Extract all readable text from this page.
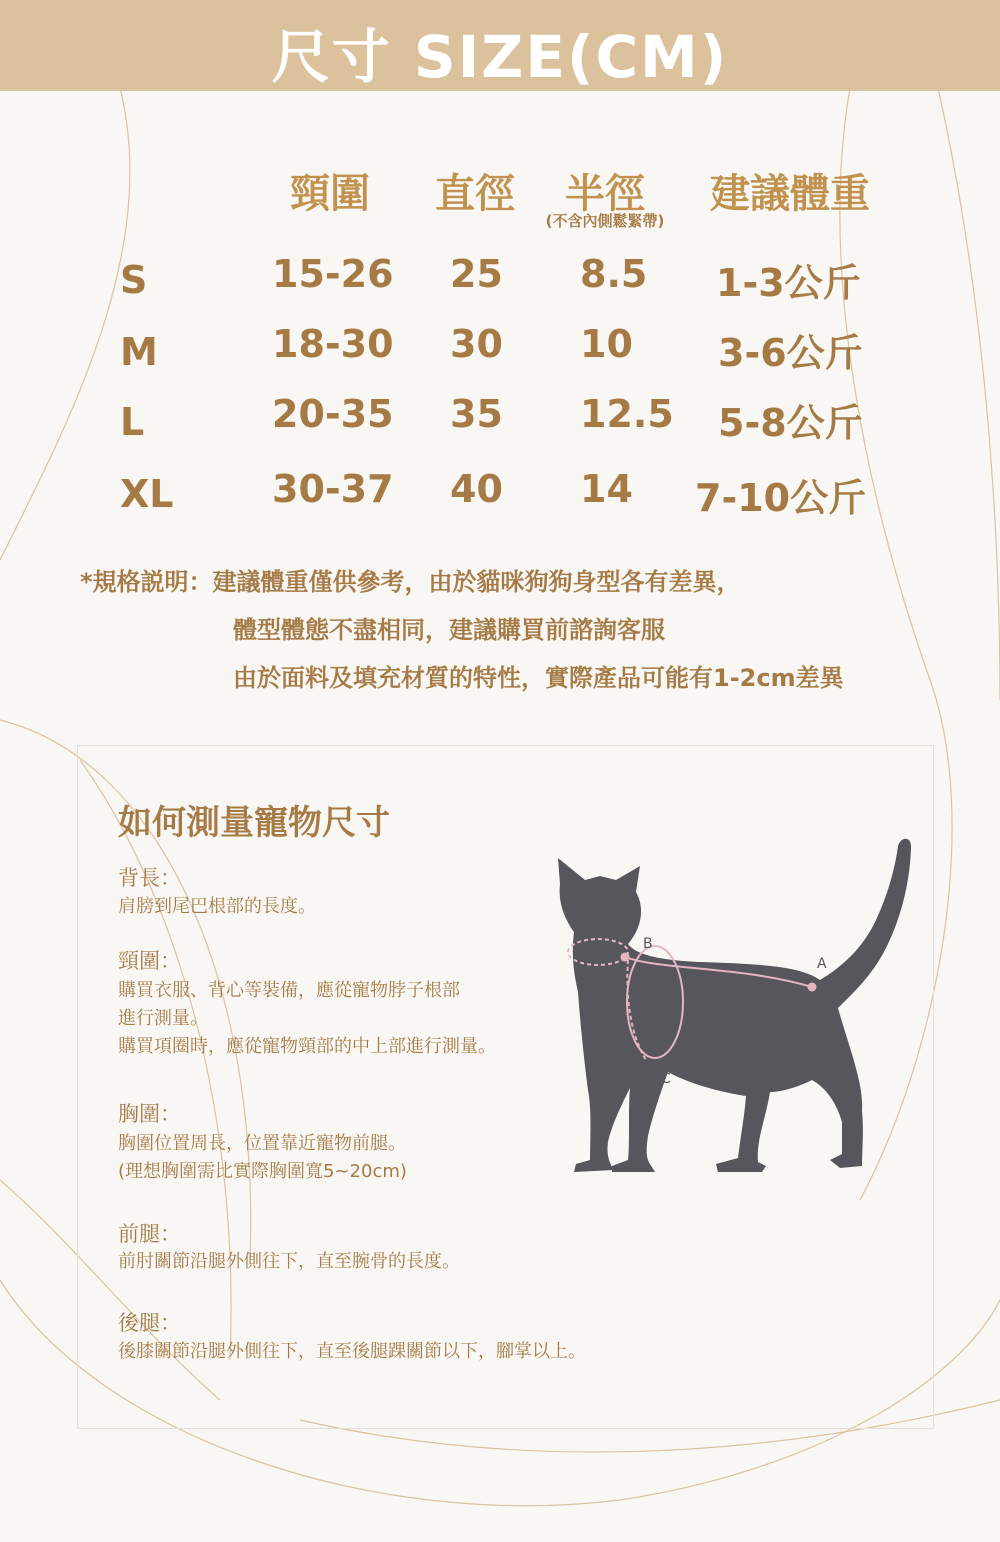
尺寸 SIZE(CM)
頸圍	直徑	半徑	建議體重
(不含內側鬆緊帶)
S	15-26 25 8.5 1-3公斤
M	18-30 30 10 3-6公斤
L	20-35 35 12.5 5-8公斤
XL	30-37 40 14 7-10公斤
*規格説明：建議體重僅供參考，由於貓咪狗狗身型各有差異，
體型體態不盡相同，建議購買前諮詢客服
由於面料及填充材質的特性，實際產品可能有1-2cm差異
如何測量寵物尺寸
背長：
肩膀到尾巴根部的長度。
頸圍：
購買衣服、背心等裝備，應從寵物脖子根部
進行測量。
購買項圈時，應從寵物頸部的中上部進行測量。
胸圍：
胸圍位置周長，位置靠近寵物前腿。
(理想胸圍需比實際胸圍寬5~20cm)
前腿：
前肘關節沿腿外側往下，直至腕骨的長度。
後腿：
後膝關節沿腿外側往下，直至後腿踝關節以下，腳掌以上。
B
A
C
